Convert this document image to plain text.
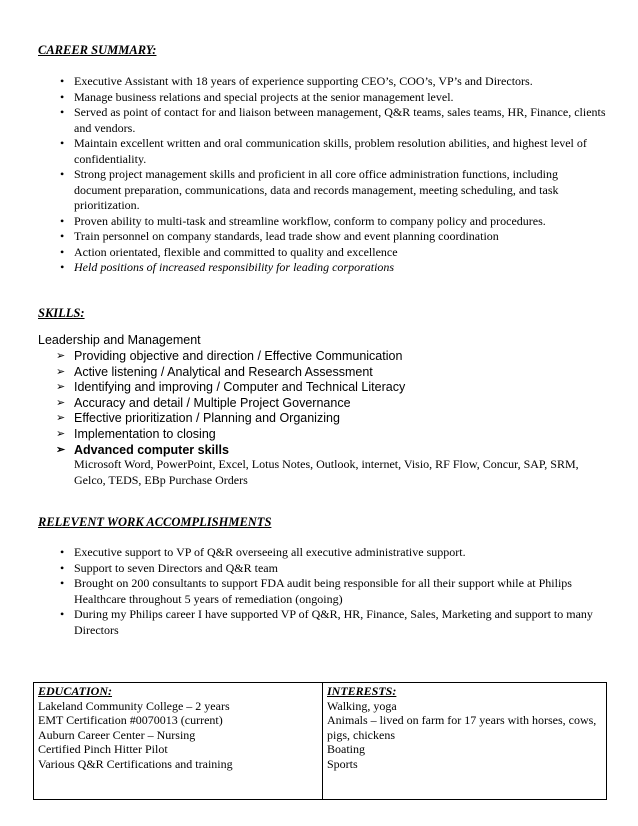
CAREER SUMMARY:
• Executive Assistant with 18 years of experience supporting CEO’s, COO’s, VP’s and Directors.
• Manage business relations and special projects at the senior management level.
• Served as point of contact for and liaison between management, Q&R teams, sales teams, HR, Finance, clients and vendors.
• Maintain excellent written and oral communication skills, problem resolution abilities, and highest level of confidentiality.
• Strong project management skills and proficient in all core office administration functions, including document preparation, communications, data and records management, meeting scheduling, and task prioritization.
• Proven ability to multi-task and streamline workflow, conform to company policy and procedures.
• Train personnel on company standards, lead trade show and event planning coordination
• Action orientated, flexible and committed to quality and excellence
• Held positions of increased responsibility for leading corporations
SKILLS:
Leadership and Management
➢ Providing objective and direction / Effective Communication
➢ Active listening / Analytical and Research Assessment
➢ Identifying and improving / Computer and Technical Literacy
➢ Accuracy and detail / Multiple Project Governance
➢ Effective prioritization / Planning and Organizing
➢ Implementation to closing
➢ Advanced computer skills
Microsoft Word, PowerPoint, Excel, Lotus Notes, Outlook, internet, Visio, RF Flow, Concur, SAP, SRM, Gelco, TEDS, EBp Purchase Orders
RELEVENT WORK ACCOMPLISHMENTS
• Executive support to VP of Q&R overseeing all executive administrative support.
• Support to seven Directors and Q&R team
• Brought on 200 consultants to support FDA audit being responsible for all their support while at Philips Healthcare throughout 5 years of remediation (ongoing)
• During my Philips career I have supported VP of Q&R, HR, Finance, Sales, Marketing and support to many Directors
EDUCATION:
Lakeland Community College – 2 years
EMT Certification #0070013 (current)
Auburn Career Center – Nursing
Certified Pinch Hitter Pilot
Various Q&R Certifications and training

INTERESTS:
Walking, yoga
Animals – lived on farm for 17 years with horses, cows, pigs, chickens
Boating
Sports
